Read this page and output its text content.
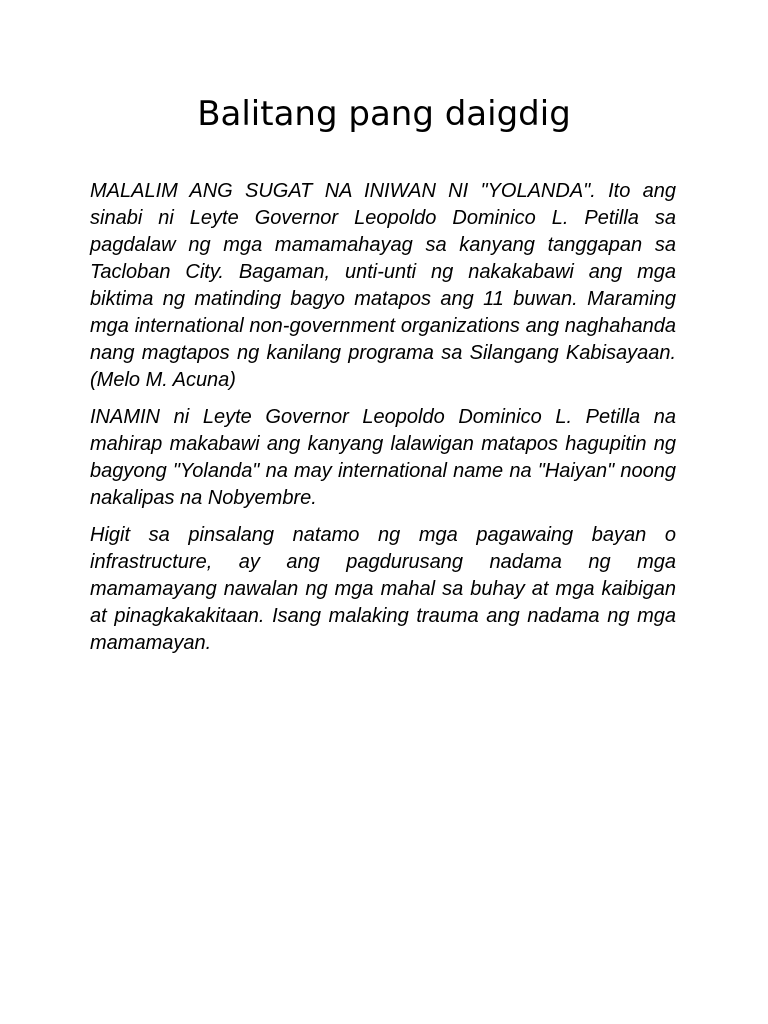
Balitang pang daigdig

MALALIM ANG SUGAT NA INIWAN NI "YOLANDA". Ito ang sinabi ni Leyte Governor Leopoldo Dominico L. Petilla sa pagdalaw ng mga mamamahayag sa kanyang tanggapan sa Tacloban City. Bagaman, unti-unti ng nakakabawi ang mga biktima ng matinding bagyo matapos ang 11 buwan. Maraming mga international non-government organizations ang naghahanda nang magtapos ng kanilang programa sa Silangang Kabisayaan. (Melo M. Acuna)

INAMIN ni Leyte Governor Leopoldo Dominico L. Petilla na mahirap makabawi ang kanyang lalawigan matapos hagupitin ng bagyong "Yolanda" na may international name na "Haiyan" noong nakalipas na Nobyembre.

Higit sa pinsalang natamo ng mga pagawaing bayan o infrastructure, ay ang pagdurusang nadama ng mga mamamayang nawalan ng mga mahal sa buhay at mga kaibigan at pinagkakakitaan. Isang malaking trauma ang nadama ng mga mamamayan.
